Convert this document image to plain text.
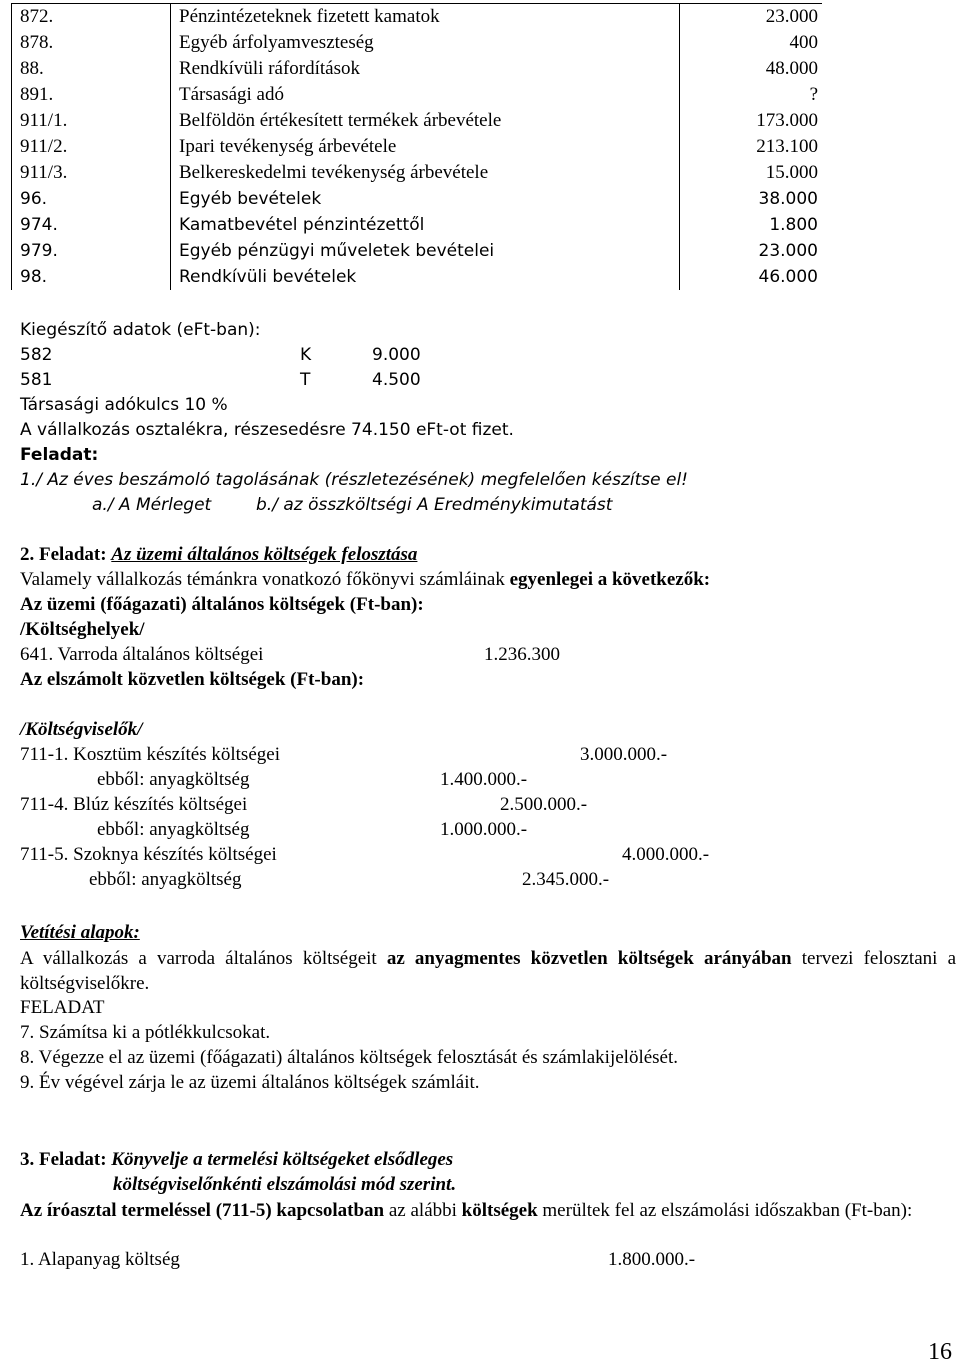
872.	Pénzintézeteknek fizetett kamatok	23.000
878.	Egyéb árfolyamveszteség	400
88.	Rendkívüli ráfordítások	48.000
891.	Társasági adó	?
911/1.	Belföldön értékesített termékek árbevétele	173.000
911/2.	Ipari tevékenység árbevétele	213.100
911/3.	Belkereskedelmi tevékenység árbevétele	15.000
96.	Egyéb bevételek	38.000
974.	Kamatbevétel pénzintézettől	1.800
979.	Egyéb pénzügyi műveletek bevételei	23.000
98.	Rendkívüli bevételek	46.000
Kiegészítő adatok (eFt-ban):
582	K	9.000
581	T	4.500
Társasági adókulcs 10 %
A vállalkozás osztalékra, részesedésre 74.150 eFt-ot fizet.
Feladat:
1./ Az éves beszámoló tagolásának (részletezésének) megfelelően készítse el!
a./ A Mérleget	b./ az összköltségi A Eredménykimutatást
2. Feladat: Az üzemi általános költségek felosztása
Valamely vállalkozás témánkra vonatkozó főkönyvi számláinak egyenlegei a következők:
Az üzemi (főágazati) általános költségek (Ft-ban):
/Költséghelyek/
641. Varroda általános költségei	1.236.300
Az elszámolt közvetlen költségek (Ft-ban):
/Költségviselők/
711-1. Kosztüm készítés költségei	3.000.000.-
ebből: anyagköltség	1.400.000.-
711-4. Blúz készítés költségei	2.500.000.-
ebből: anyagköltség	1.000.000.-
711-5. Szoknya készítés költségei	4.000.000.-
ebből: anyagköltség	2.345.000.-
Vetítési alapok:
A vállalkozás a varroda általános költségeit az anyagmentes közvetlen költségek arányában tervezi felosztani a költségviselőkre.
FELADAT
7. Számítsa ki a pótlékkulcsokat.
8. Végezze el az üzemi (főágazati) általános költségek felosztását és számlakijelölését.
9. Év végével zárja le az üzemi általános költségek számláit.
3. Feladat: Könyvelje a termelési költségeket elsődleges
költségviselőnkénti elszámolási mód szerint.
Az íróasztal termeléssel (711-5) kapcsolatban az alábbi költségek merültek fel az elszámolási időszakban (Ft-ban):
1. Alapanyag költség	1.800.000.-
16
